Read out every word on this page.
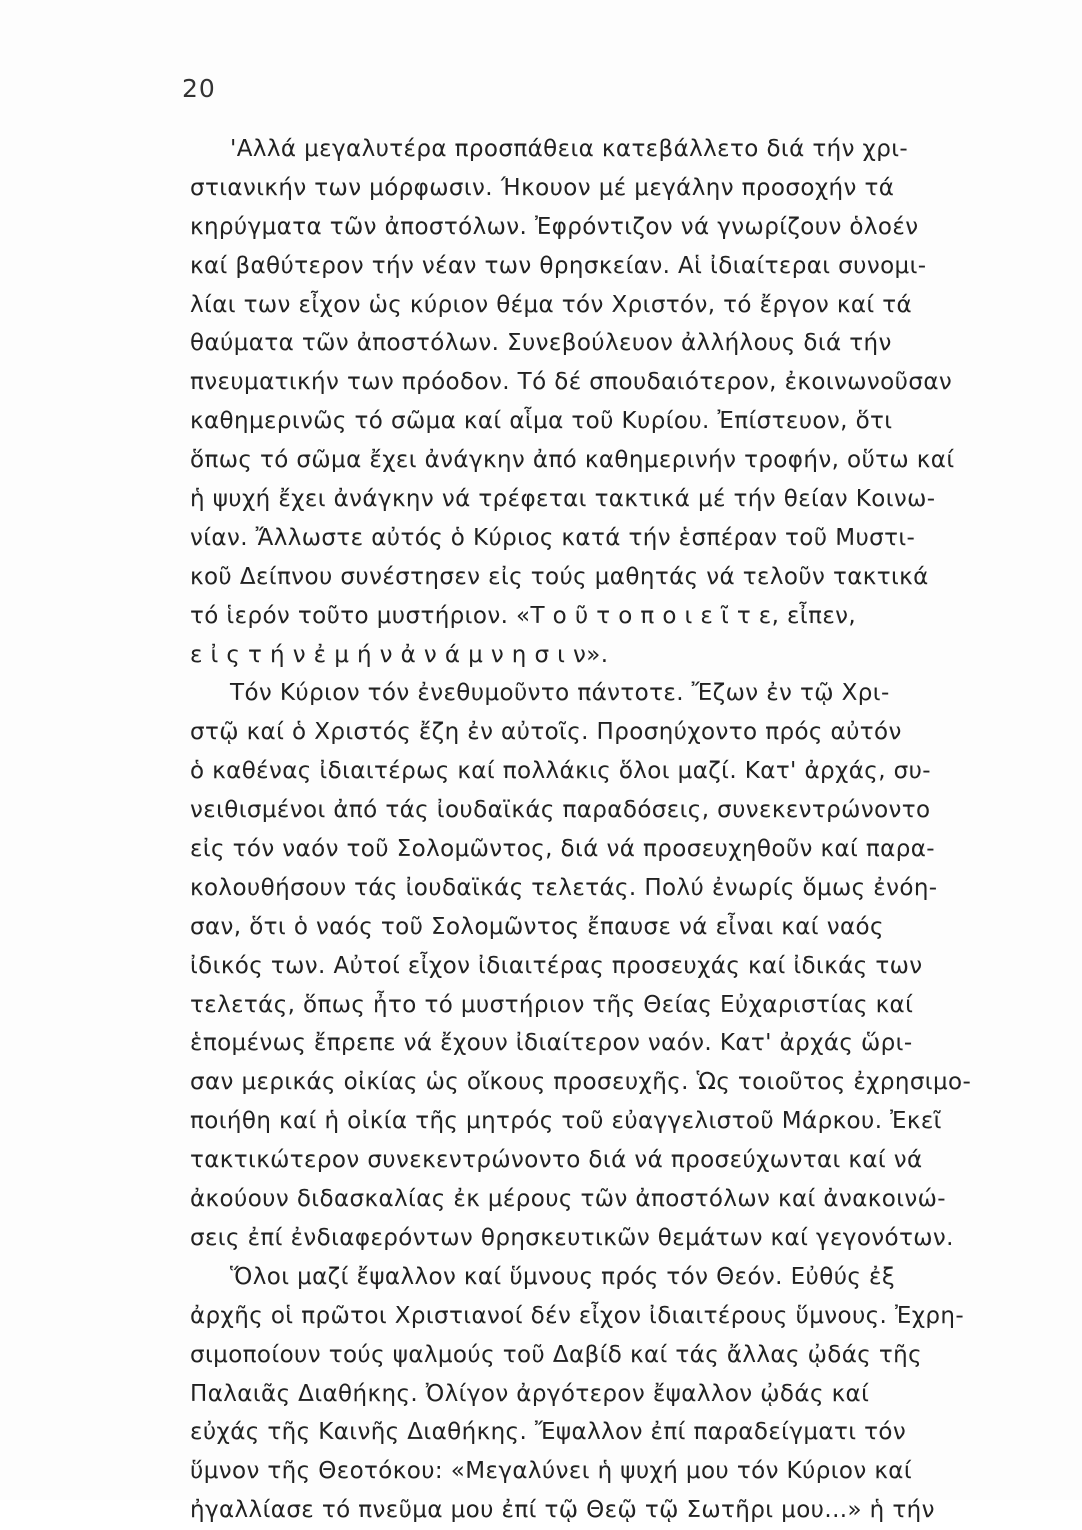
20
'Αλλά μεγαλυτέρα προσπάθεια κατεβάλλετο διά τήν χρι-
στιανικήν των μόρφωσιν. Ήκουον μέ μεγάλην προσοχήν τά
κηρύγματα τῶν ἀποστόλων. Ἐφρόντιζον νά γνωρίζουν ὁλοέν
καί βαθύτερον τήν νέαν των θρησκείαν. Αἱ ἰδιαίτεραι συνομι-
λίαι των εἶχον ὡς κύριον θέμα τόν Χριστόν, τό ἔργον καί τά
θαύματα τῶν ἀποστόλων. Συνεβούλευον ἀλλήλους διά τήν
πνευματικήν των πρόοδον. Τό δέ σπουδαιότερον, ἐκοινωνοῦσαν
καθημερινῶς τό σῶμα καί αἷμα τοῦ Κυρίου. Ἐπίστευον, ὅτι
ὅπως τό σῶμα ἔχει ἀνάγκην ἀπό καθημερινήν τροφήν, οὕτω καί
ἡ ψυχή ἔχει ἀνάγκην νά τρέφεται τακτικά μέ τήν θείαν Κοινω-
νίαν. Ἄλλωστε αὐτός ὁ Κύριος κατά τήν ἑσπέραν τοῦ Μυστι-
κοῦ Δείπνου συνέστησεν εἰς τούς μαθητάς νά τελοῦν τακτικά
τό ἱερόν τοῦτο μυστήριον. «Τ ο ῦ τ ο π ο ι ε ῖ τ ε, εἶπεν,
ε ἰ ς τ ή ν ἐ μ ή ν ἀ ν ά μ ν η σ ι ν».
Τόν Κύριον τόν ἐνεθυμοῦντο πάντοτε. Ἔζων ἐν τῷ Χρι-
στῷ καί ὁ Χριστός ἔζη ἐν αὐτοῖς. Προσηύχοντο πρός αὐτόν
ὁ καθένας ἰδιαιτέρως καί πολλάκις ὅλοι μαζί. Κατ' ἀρχάς, συ-
νειθισμένοι ἀπό τάς ἰουδαϊκάς παραδόσεις, συνεκεντρώνοντο
εἰς τόν ναόν τοῦ Σολομῶντος, διά νά προσευχηθοῦν καί παρα-
κολουθήσουν τάς ἰουδαϊκάς τελετάς. Πολύ ἐνωρίς ὅμως ἐνόη-
σαν, ὅτι ὁ ναός τοῦ Σολομῶντος ἔπαυσε νά εἶναι καί ναός
ἰδικός των. Αὐτοί εἶχον ἰδιαιτέρας προσευχάς καί ἰδικάς των
τελετάς, ὅπως ἦτο τό μυστήριον τῆς Θείας Εὐχαριστίας καί
ἑπομένως ἔπρεπε νά ἔχουν ἰδιαίτερον ναόν. Κατ' ἀρχάς ὥρι-
σαν μερικάς οἰκίας ὡς οἴκους προσευχῆς. Ὡς τοιοῦτος ἐχρησιμο-
ποιήθη καί ἡ οἰκία τῆς μητρός τοῦ εὐαγγελιστοῦ Μάρκου. Ἐκεῖ
τακτικώτερον συνεκεντρώνοντο διά νά προσεύχωνται καί νά
ἀκούουν διδασκαλίας ἐκ μέρους τῶν ἀποστόλων καί ἀνακοινώ-
σεις ἐπί ἐνδιαφερόντων θρησκευτικῶν θεμάτων καί γεγονότων.
Ὅλοι μαζί ἔψαλλον καί ὕμνους πρός τόν Θεόν. Εὐθύς ἐξ
ἀρχῆς οἱ πρῶτοι Χριστιανοί δέν εἶχον ἰδιαιτέρους ὕμνους. Ἐχρη-
σιμοποίουν τούς ψαλμούς τοῦ Δαβίδ καί τάς ἄλλας ᾠδάς τῆς
Παλαιᾶς Διαθήκης. Ὀλίγον ἀργότερον ἔψαλλον ᾠδάς καί
εὐχάς τῆς Καινῆς Διαθήκης. Ἔψαλλον ἐπί παραδείγματι τόν
ὕμνον τῆς Θεοτόκου: «Μεγαλύνει ἡ ψυχή μου τόν Κύριον καί
ἠγαλλίασε τό πνεῦμα μου ἐπί τῷ Θεῷ τῷ Σωτῆρι μου...» ἡ τήν
